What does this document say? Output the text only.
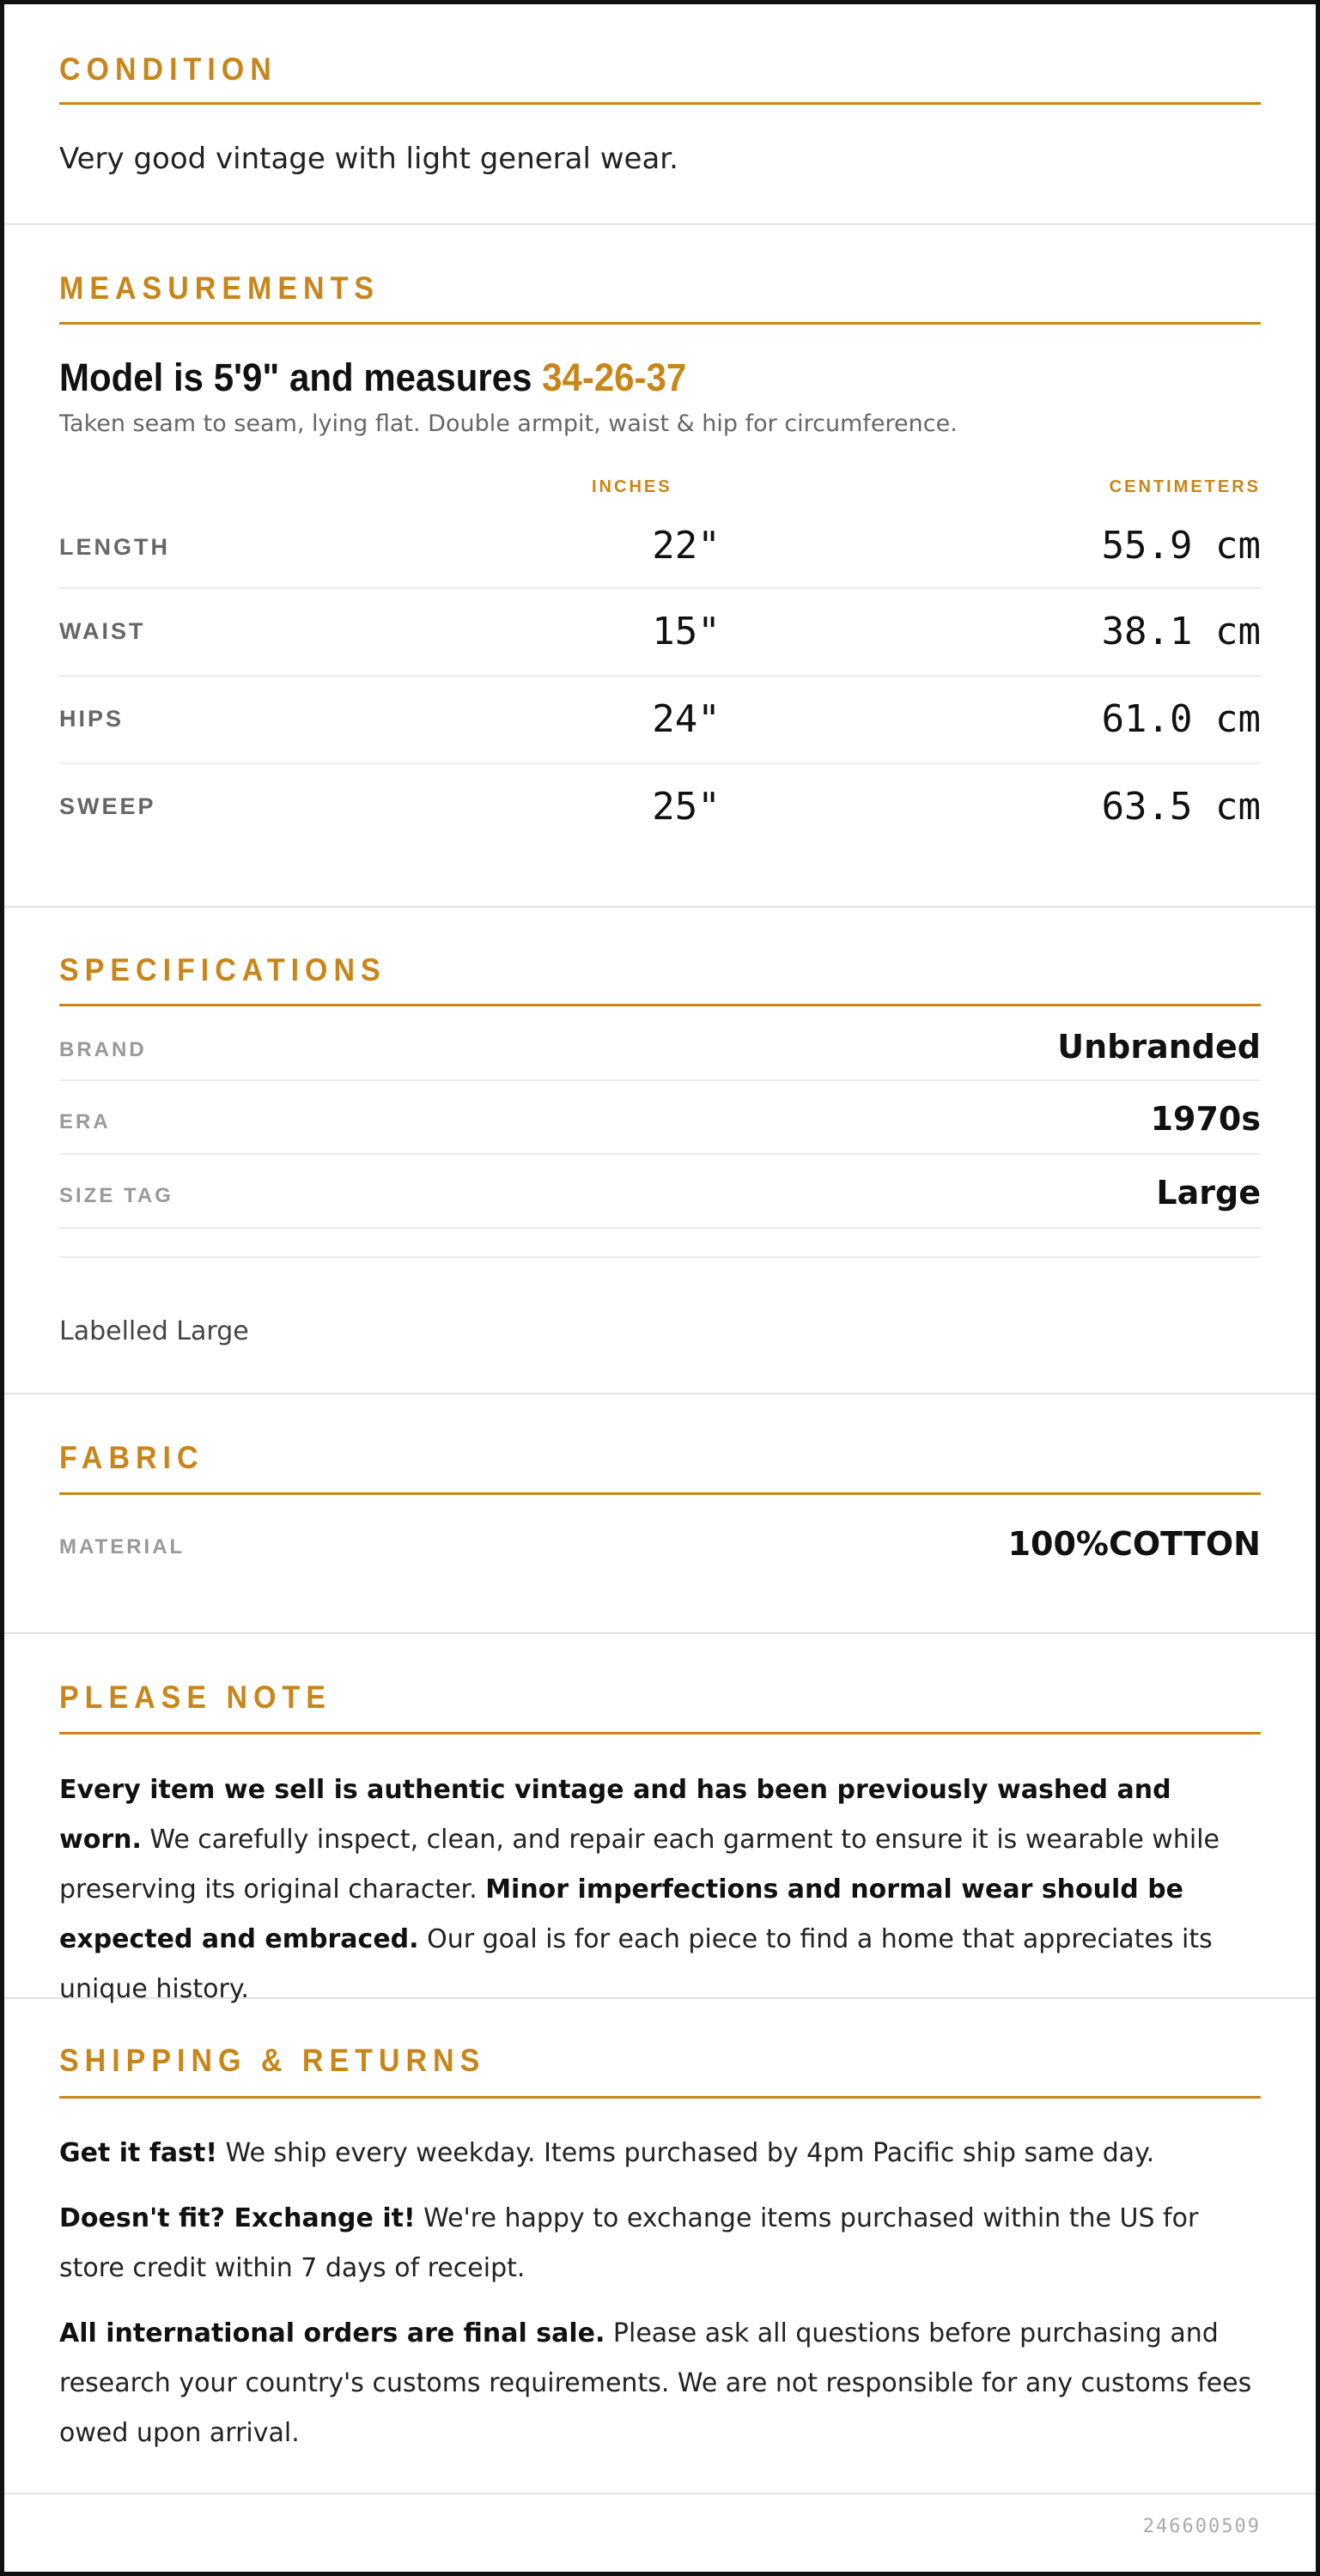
CONDITION
Very good vintage with light general wear.
MEASUREMENTS
Model is 5'9" and measures 34-26-37
Taken seam to seam, lying flat. Double armpit, waist & hip for circumference.
INCHES	CENTIMETERS
LENGTH	22"	55.9 cm
WAIST	15"	38.1 cm
HIPS	24"	61.0 cm
SWEEP	25"	63.5 cm
SPECIFICATIONS
BRAND	Unbranded
ERA	1970s
SIZE TAG	Large
Labelled Large
FABRIC
MATERIAL	100%COTTON
PLEASE NOTE
Every item we sell is authentic vintage and has been previously washed and worn. We carefully inspect, clean, and repair each garment to ensure it is wearable while preserving its original character. Minor imperfections and normal wear should be expected and embraced. Our goal is for each piece to find a home that appreciates its unique history.
SHIPPING & RETURNS
Get it fast! We ship every weekday. Items purchased by 4pm Pacific ship same day.
Doesn't fit? Exchange it! We're happy to exchange items purchased within the US for store credit within 7 days of receipt.
All international orders are final sale. Please ask all questions before purchasing and research your country's customs requirements. We are not responsible for any customs fees owed upon arrival.
246600509
